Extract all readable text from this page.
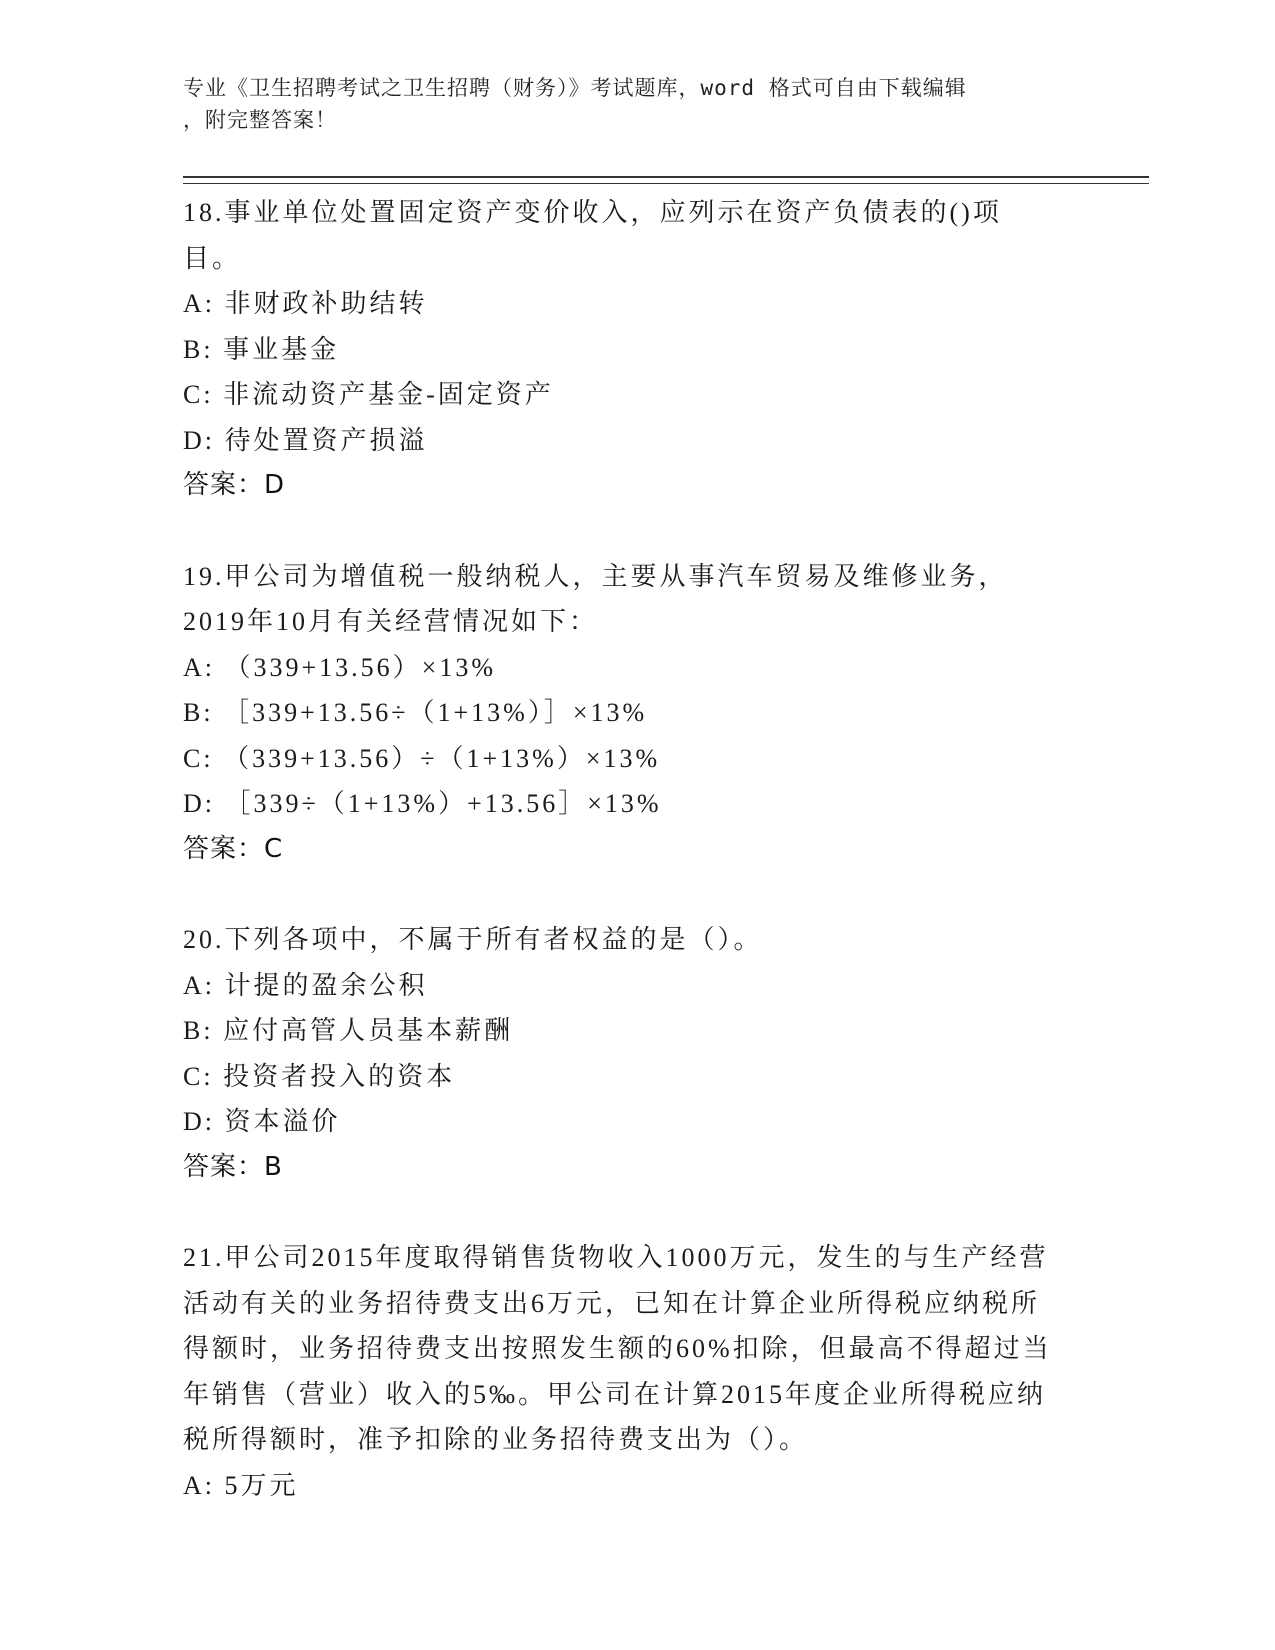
专业《卫生招聘考试之卫生招聘（财务）》考试题库，word 格式可自由下载编辑
，附完整答案！
18.事业单位处置固定资产变价收入，应列示在资产负债表的()项目。
A: 非财政补助结转
B: 事业基金
C: 非流动资产基金-固定资产
D: 待处置资产损溢
答案：D
19.甲公司为增值税一般纳税人，主要从事汽车贸易及维修业务，2019年10月有关经营情况如下：
A: （339+13.56）×13%
B: ［339+13.56÷（1+13%）］×13%
C: （339+13.56）÷（1+13%）×13%
D: ［339÷（1+13%）+13.56］×13%
答案：C
20.下列各项中，不属于所有者权益的是（）。
A: 计提的盈余公积
B: 应付高管人员基本薪酬
C: 投资者投入的资本
D: 资本溢价
答案：B
21.甲公司2015年度取得销售货物收入1000万元，发生的与生产经营活动有关的业务招待费支出6万元，已知在计算企业所得税应纳税所得额时，业务招待费支出按照发生额的60%扣除，但最高不得超过当年销售（营业）收入的5‰。甲公司在计算2015年度企业所得税应纳税所得额时，准予扣除的业务招待费支出为（）。
A: 5万元
